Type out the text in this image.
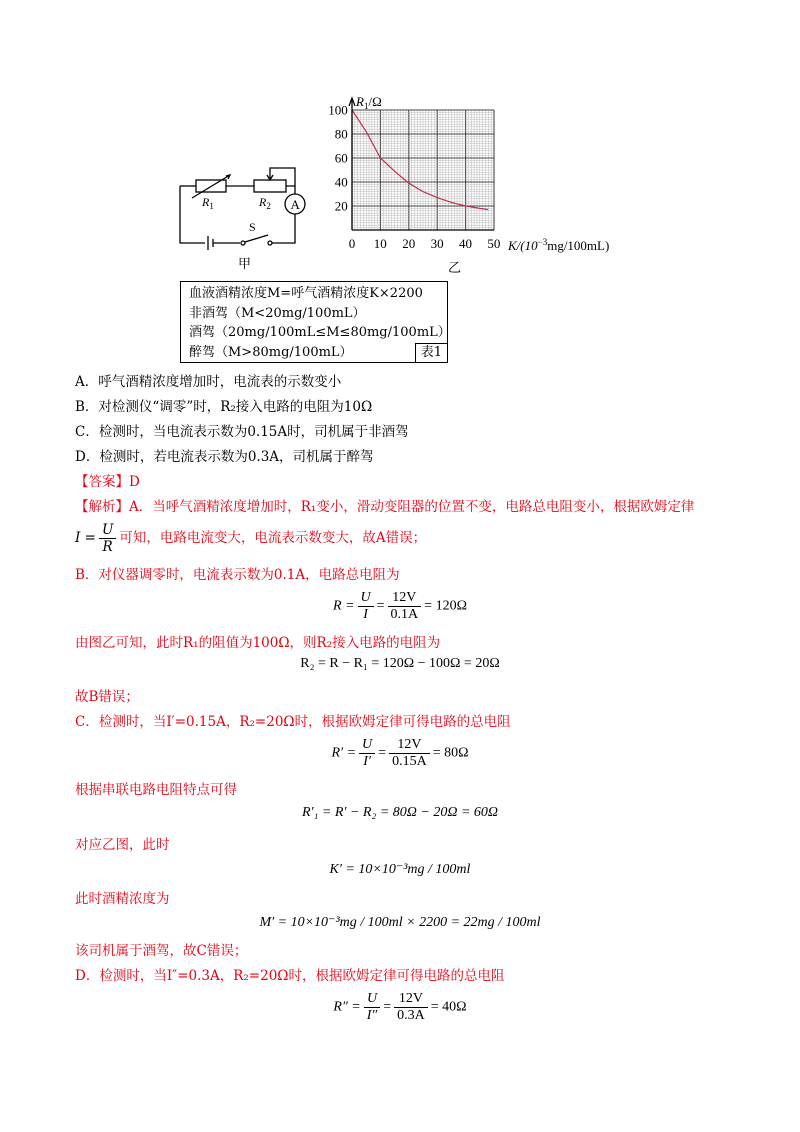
A
$R_1$	$R_2$
S
甲
0 10 20 30 40 50
20
40
60
80
100
$R_1/\Omega$
$K/(10^{-3}mg/100mL)$
乙
血液酒精浓度M=呼气酒精浓度K×2200
非酒驾（M<20mg/100mL）
酒驾（20mg/100mL≤M≤80mg/100mL）
醉驾（M>80mg/100mL）	表1
A．呼气酒精浓度增加时，电流表的示数变小
B．对检测仪“调零”时，R₂接入电路的电阻为10Ω
C．检测时，当电流表示数为0.15A时，司机属于非酒驾
D．检测时，若电流表示数为0.3A，司机属于醉驾
【答案】D
【解析】A．当呼气酒精浓度增加时，R₁变小，滑动变阻器的位置不变，电路总电阻变小，根据欧姆定律
$I = \frac{U}{R}$ 可知，电路电流变大，电流表示数变大，故A错误；
B．对仪器调零时，电流表示数为0.1A，电路总电阻为
$R = \frac{U}{I} = \frac{12V}{0.1A} = 120\Omega$
由图乙可知，此时R₁的阻值为100Ω，则R₂接入电路的电阻为
R₂ = R − R₁ = 120Ω − 100Ω = 20Ω
故B错误；
C．检测时，当I′=0.15A，R₂=20Ω时，根据欧姆定律可得电路的总电阻
$R' = \frac{U}{I'} = \frac{12V}{0.15A} = 80\Omega$
根据串联电路电阻特点可得
R′₁ = R′ − R₂ = 80Ω − 20Ω = 60Ω
对应乙图，此时
K′ = 10×10⁻³mg / 100ml
此时酒精浓度为
M′ = 10×10⁻³mg / 100ml × 2200 = 22mg / 100ml
该司机属于酒驾，故C错误；
D．检测时，当I″=0.3A，R₂=20Ω时，根据欧姆定律可得电路的总电阻
$R'' = \frac{U}{I''} = \frac{12V}{0.3A} = 40\Omega$
